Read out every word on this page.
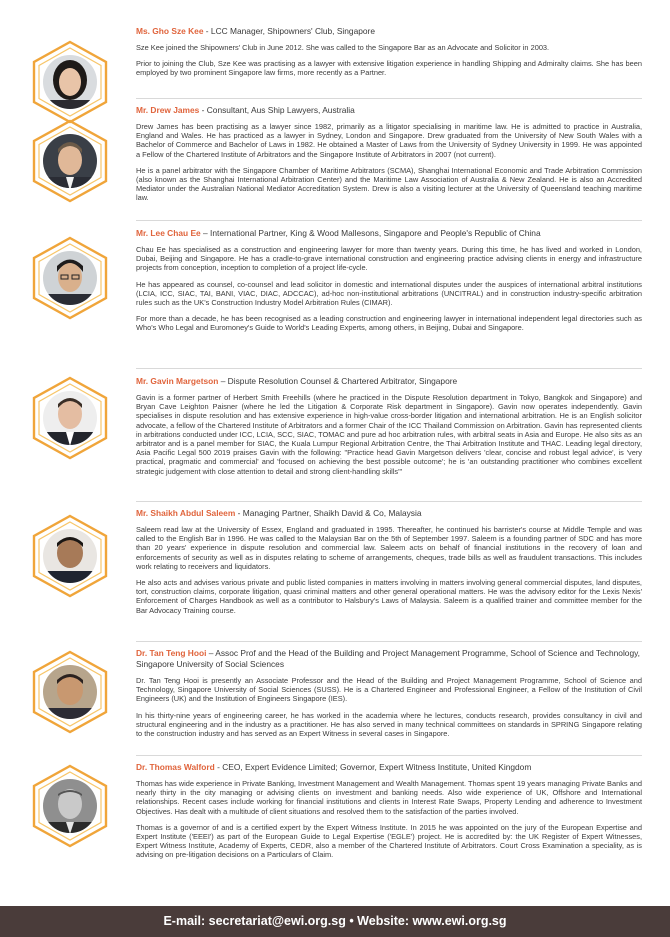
Ms. Gho Sze Kee - LCC Manager, Shipowners' Club, Singapore

Sze Kee joined the Shipowners' Club in June 2012. She was called to the Singapore Bar as an Advocate and Solicitor in 2003.

Prior to joining the Club, Sze Kee was practising as a lawyer with extensive litigation experience in handling Shipping and Admiralty claims. She has been employed by two prominent Singapore law firms, more recently as a Partner.

Mr. Drew James - Consultant, Aus Ship Lawyers, Australia

Drew James has been practising as a lawyer since 1982, primarily as a litigator specialising in maritime law. He is admitted to practice in Australia, England and Wales. He has practiced as a lawyer in Sydney, London and Singapore. Drew graduated from the University of New South Wales with a Bachelor of Commerce and Bachelor of Laws in 1982. He obtained a Master of Laws from the University of Sydney University in 1999. He was appointed a Fellow of the Chartered Institute of Arbitrators and the Singapore Institute of Arbitrators in 2007 (not current).

He is a panel arbitrator with the Singapore Chamber of Maritime Arbitrators (SCMA), Shanghai International Economic and Trade Arbitration Commission (also known as the Shanghai International Arbitration Center) and the Maritime Law Association of Australia & New Zealand. He is also an Accredited Mediator under the Australian National Mediator Accreditation System. Drew is also a visiting lecturer at the University of Queensland teaching maritime law.

Mr. Lee Chau Ee – International Partner, King & Wood Mallesons, Singapore and People's Republic of China

Chau Ee has specialised as a construction and engineering lawyer for more than twenty years. During this time, he has lived and worked in London, Dubai, Beijing and Singapore. He has a cradle-to-grave international construction and engineering practice advising clients in energy and infrastructure projects from conception, inception to completion of a project life-cycle.

He has appeared as counsel, co-counsel and lead solicitor in domestic and international disputes under the auspices of international arbitral institutions (LCIA, ICC, SIAC, TAI, BANI, VIAC, DIAC, ADCCAC), ad-hoc non-institutional arbitrations (UNCITRAL) and in construction industry-specific arbitration rules such as the UK's Construction Industry Model Arbitration Rules (CIMAR).

For more than a decade, he has been recognised as a leading construction and engineering lawyer in international independent legal directories such as Who's Who Legal and Euromoney's Guide to World's Leading Experts, among others, in Beijing, Dubai and Singapore.

Mr. Gavin Margetson – Dispute Resolution Counsel & Chartered Arbitrator, Singapore

Gavin is a former partner of Herbert Smith Freehills (where he practiced in the Dispute Resolution department in Tokyo, Bangkok and Singapore) and Bryan Cave Leighton Paisner (where he led the Litigation & Corporate Risk department in Singapore). Gavin now operates independently. Gavin specialises in dispute resolution and has extensive experience in high-value cross-border litigation and international arbitration. He is an English solicitor advocate, a fellow of the Chartered Institute of Arbitrators and a former Chair of the ICC Thailand Commission on Arbitration. Gavin has represented clients in arbitrations conducted under ICC, LCIA, SCC, SIAC, TOMAC and pure ad hoc arbitration rules, with arbitral seats in Asia and Europe. He also sits as an arbitrator and is a panel member for SIAC, the Kuala Lumpur Regional Arbitration Centre, the Thai Arbitration Institute and THAC. Leading legal directory, Asia Pacific Legal 500 2019 praises Gavin with the following: "Practice head Gavin Margetson delivers 'clear, concise and robust legal advice', is 'very practical, pragmatic and commercial' and 'focused on achieving the best possible outcome'; he is 'an outstanding practitioner who combines excellent strategic judgement with close attention to detail and strong client-handling skills'"

Mr. Shaikh Abdul Saleem - Managing Partner, Shaikh David & Co, Malaysia

Saleem read law at the University of Essex, England and graduated in 1995. Thereafter, he continued his barrister's course at Middle Temple and was called to the English Bar in 1996. He was called to the Malaysian Bar on the 5th of September 1997. Saleem is a founding partner of SDC and has more than 20 years' experience in dispute resolution and commercial law. Saleem acts on behalf of financial institutions in the recovery of loan and enforcements of security as well as in disputes relating to scheme of arrangements, cheques, trade bills as well as fraudulent transactions. This includes work relating to receivers and liquidators.

He also acts and advises various private and public listed companies in matters involving in matters involving general commercial disputes, land disputes, tort, construction claims, corporate litigation, quasi criminal matters and other general operational matters. He was the advisory editor for the Lexis Nexis' Enforcement of Charges Handbook as well as a contributor to Halsbury's Laws of Malaysia. Saleem is a qualified trainer and committee member for the Bar Advocacy Training course.

Dr. Tan Teng Hooi – Assoc Prof and the Head of the Building and Project Management Programme, School of Science and Technology, Singapore University of Social Sciences

Dr. Tan Teng Hooi is presently an Associate Professor and the Head of the Building and Project Management Programme, School of Science and Technology, Singapore University of Social Sciences (SUSS). He is a Chartered Engineer and Professional Engineer, a Fellow of the Institution of Civil Engineers (UK) and the Institution of Engineers Singapore (IES).

In his thirty-nine years of engineering career, he has worked in the academia where he lectures, conducts research, provides consultancy in civil and structural engineering and in the industry as a practitioner. He has also served in many technical committees on standards in SPRING Singapore relating to the construction industry and has served as an Expert Witness in several cases in Singapore.

Dr. Thomas Walford - CEO, Expert Evidence Limited; Governor, Expert Witness Institute, United Kingdom

Thomas has wide experience in Private Banking, Investment Management and Wealth Management. Thomas spent 19 years managing Private Banks and nearly thirty in the city managing or advising clients on investment and banking needs. Also wide experience of UK, Offshore and International relationships. Recent cases include working for financial institutions and clients in Interest Rate Swaps, Property Lending and adherence to Investment Objectives. Has dealt with a multitude of client situations and resolved them to the satisfaction of the parties involved.

Thomas is a governor of and is a certified expert by the Expert Witness Institute. In 2015 he was appointed on the jury of the European Expertise and Expert Institute ('EEEI') as part of the European Guide to Legal Expertise ('EGLE') project. He is accredited by: the UK Register of Expert Witnesses, Expert Witness Institute, Academy of Experts, CEDR, also a member of the Chartered Institute of Arbitrators. Court Cross Examination a speciality, as is advising on pre-litigation decisions on a Particulars of Claim.

E-mail: secretariat@ewi.org.sg • Website: www.ewi.org.sg
